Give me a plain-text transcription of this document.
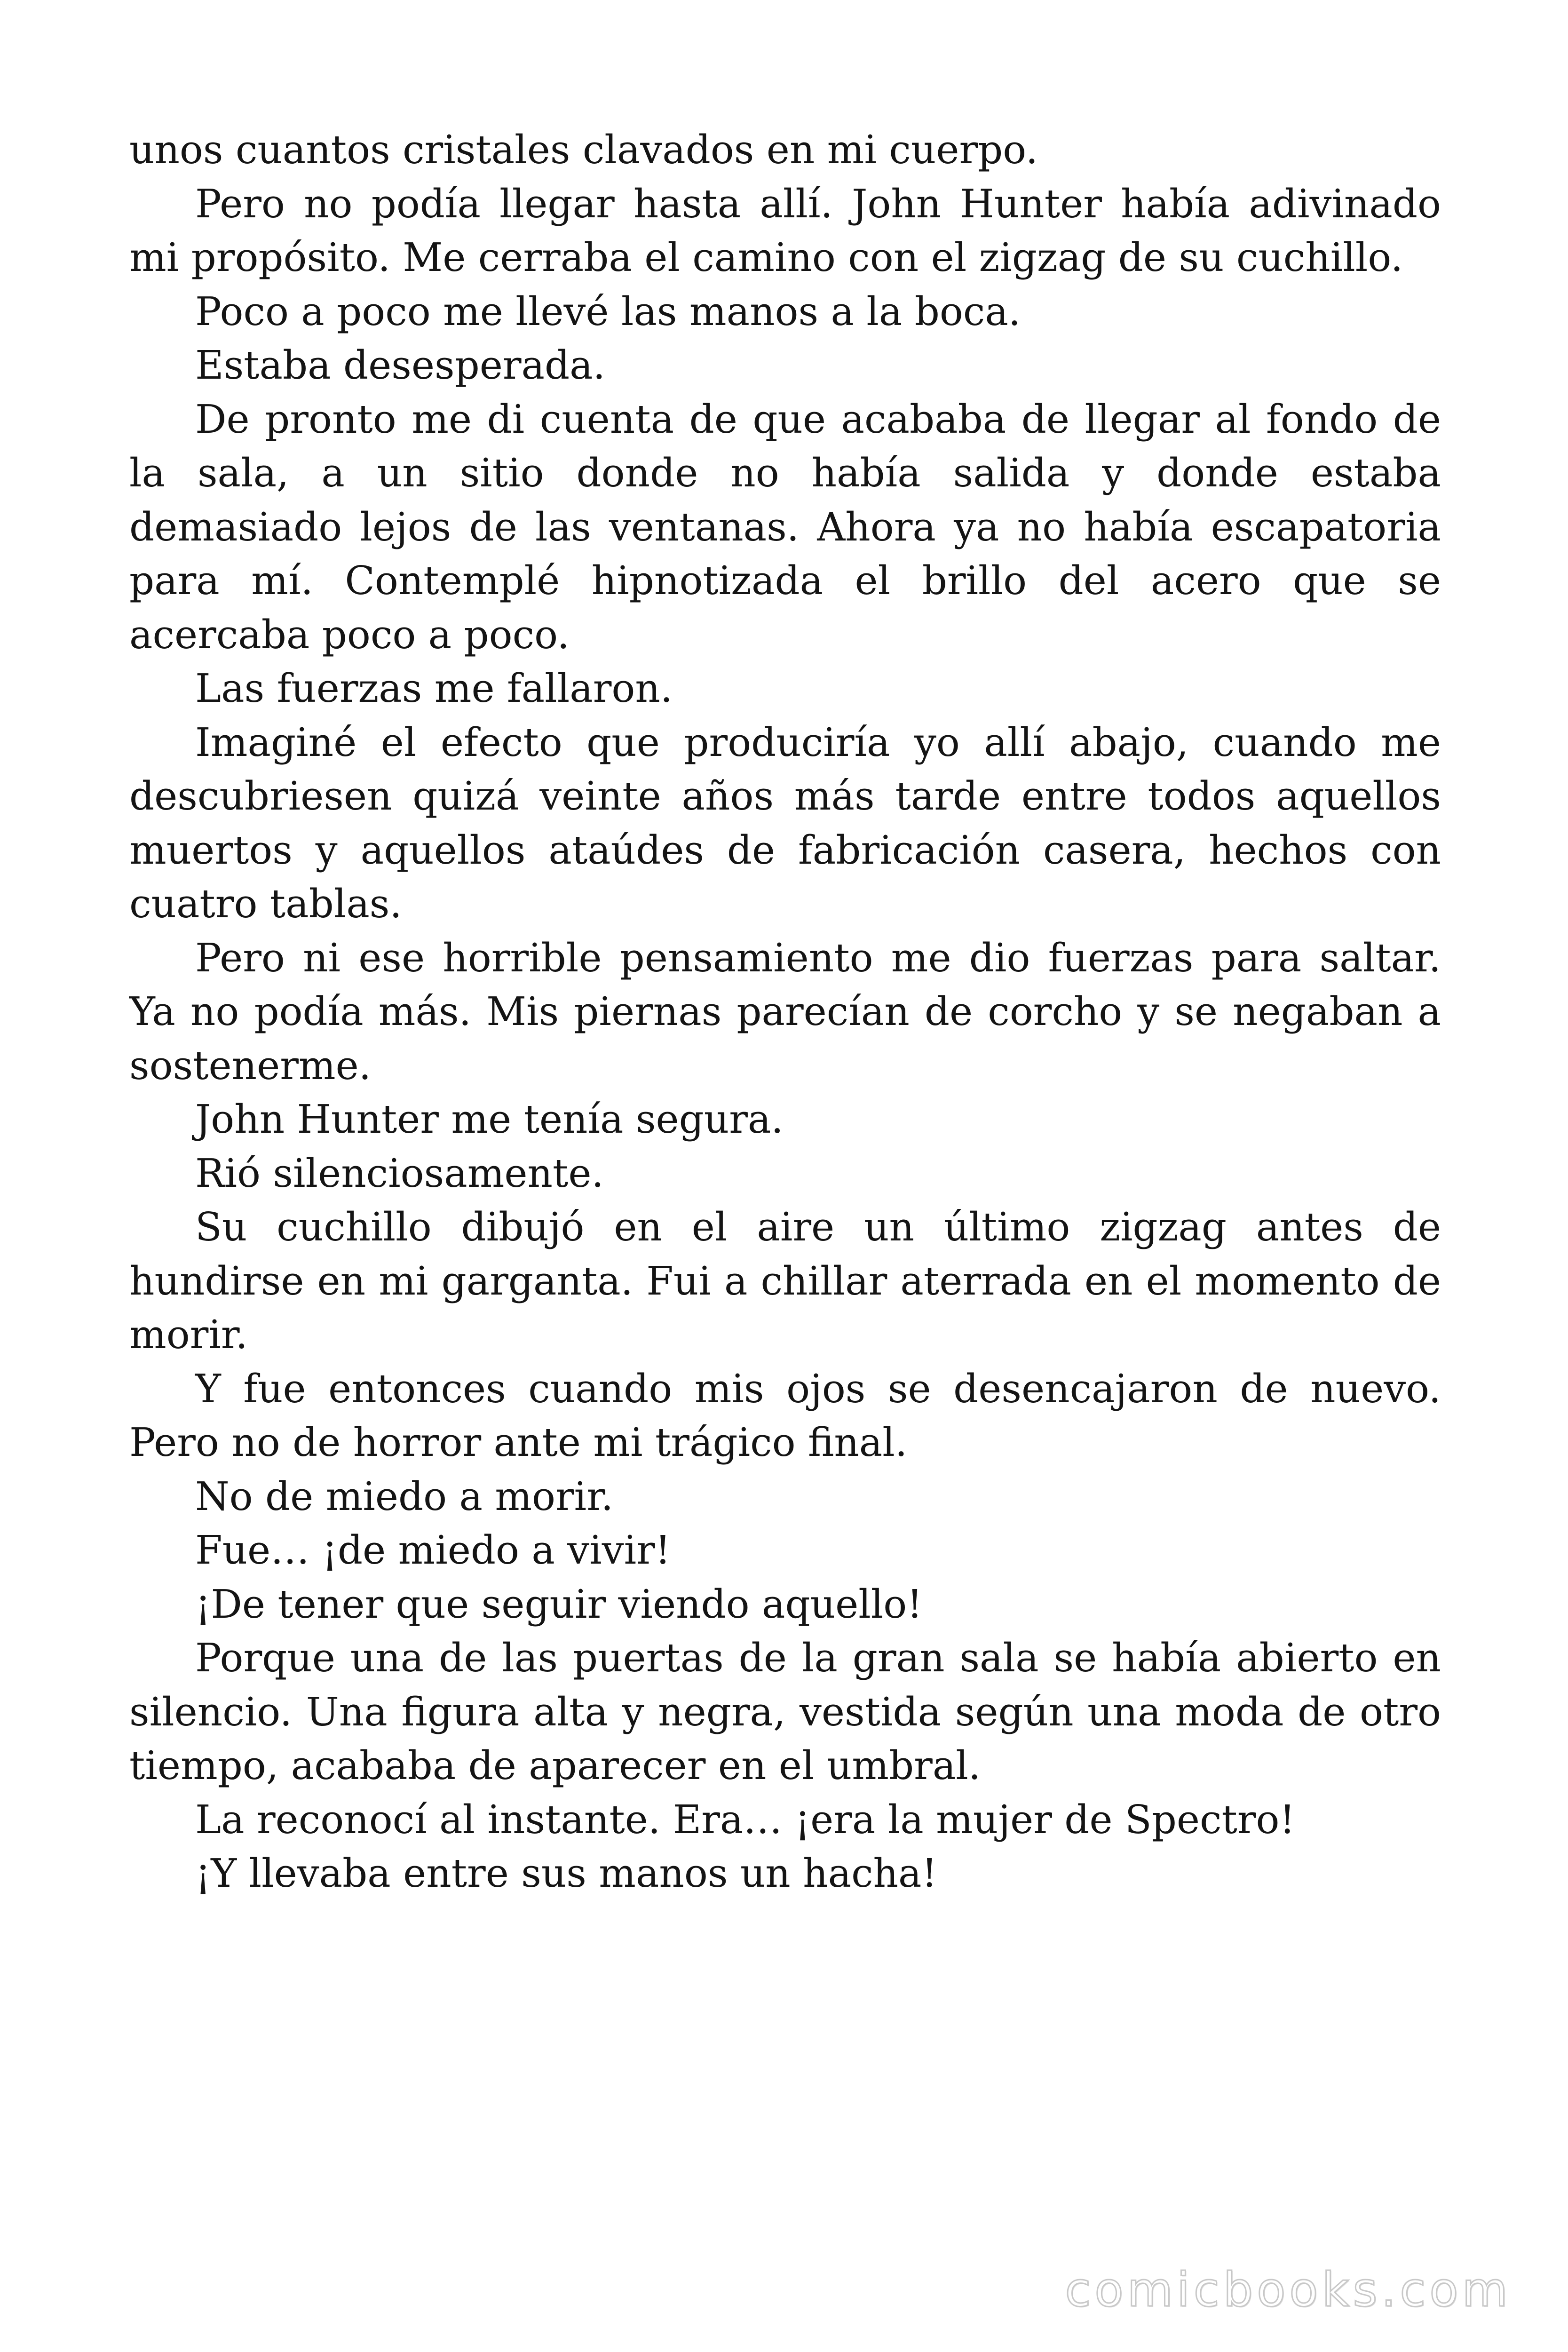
unos cuantos cristales clavados en mi cuerpo.

Pero no podía llegar hasta allí. John Hunter había adivinado mi propósito. Me cerraba el camino con el zigzag de su cuchillo.

Poco a poco me llevé las manos a la boca.

Estaba desesperada.

De pronto me di cuenta de que acababa de llegar al fondo de la sala, a un sitio donde no había salida y donde estaba demasiado lejos de las ventanas. Ahora ya no había escapatoria para mí. Contemplé hipnotizada el brillo del acero que se acercaba poco a poco.

Las fuerzas me fallaron.

Imaginé el efecto que produciría yo allí abajo, cuando me descubriesen quizá veinte años más tarde entre todos aquellos muertos y aquellos ataúdes de fabricación casera, hechos con cuatro tablas.

Pero ni ese horrible pensamiento me dio fuerzas para saltar. Ya no podía más. Mis piernas parecían de corcho y se negaban a sostenerme.

John Hunter me tenía segura.

Rió silenciosamente.

Su cuchillo dibujó en el aire un último zigzag antes de hundirse en mi garganta. Fui a chillar aterrada en el momento de morir.

Y fue entonces cuando mis ojos se desencajaron de nuevo. Pero no de horror ante mi trágico final.

No de miedo a morir.

Fue… ¡de miedo a vivir!

¡De tener que seguir viendo aquello!

Porque una de las puertas de la gran sala se había abierto en silencio. Una figura alta y negra, vestida según una moda de otro tiempo, acababa de aparecer en el umbral.

La reconocí al instante. Era… ¡era la mujer de Spectro!

¡Y llevaba entre sus manos un hacha!

comicbooks.com
